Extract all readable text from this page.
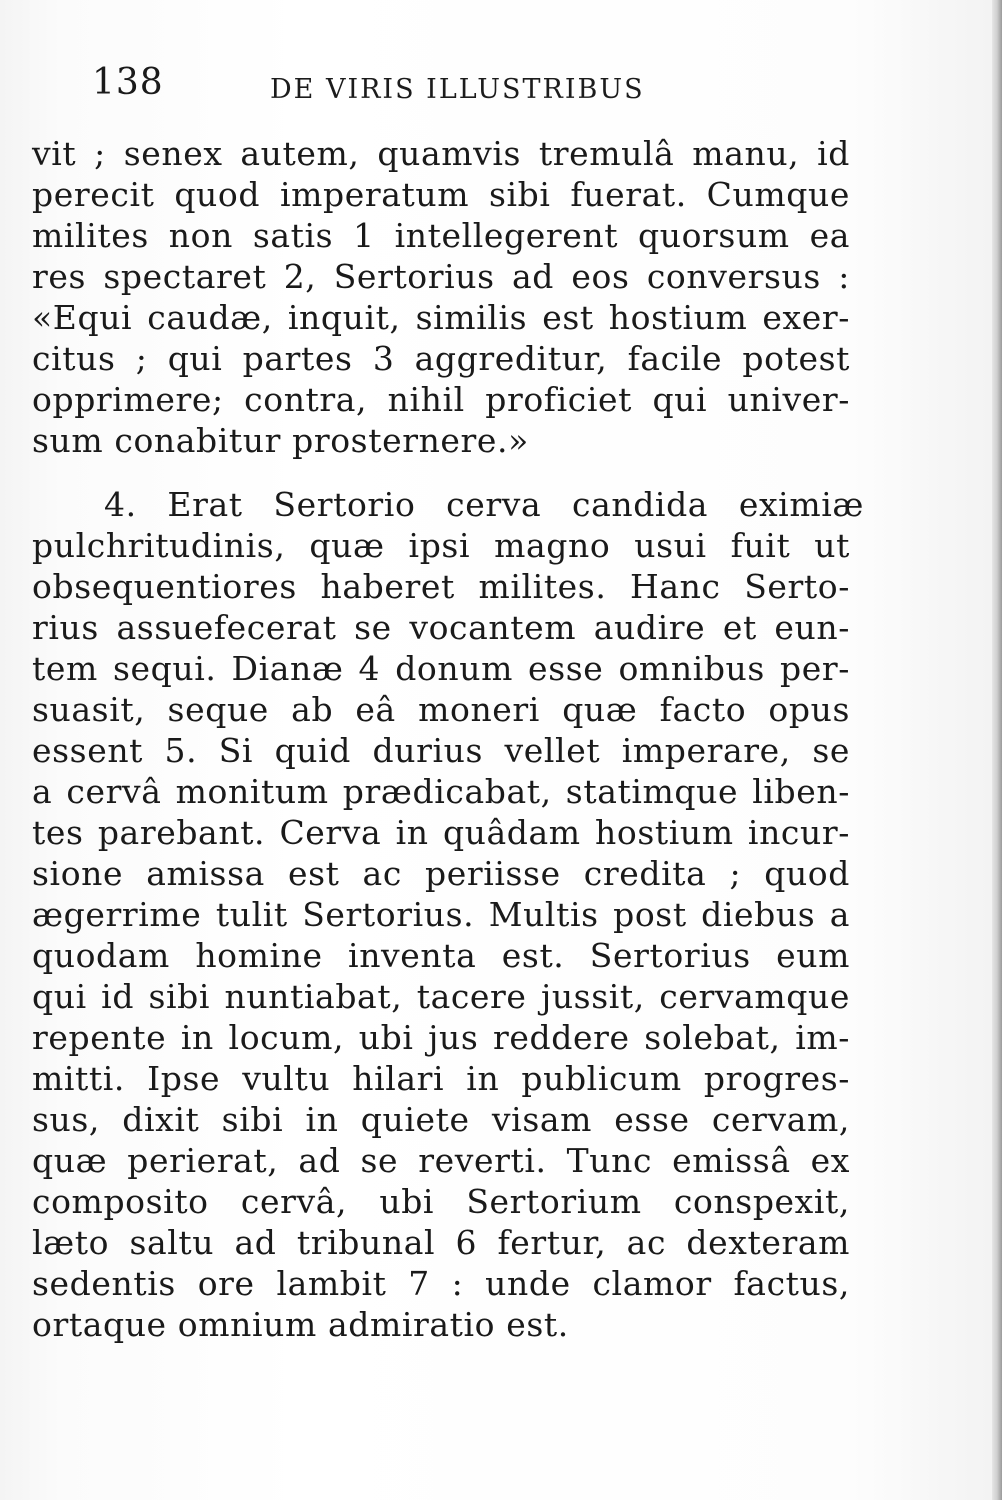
138	DE VIRIS ILLUSTRIBUS
vit ; senex autem, quamvis tremulâ manu, id
perecit quod imperatum sibi fuerat. Cumque
milites non satis 1 intellegerent quorsum ea
res spectaret 2, Sertorius ad eos conversus :
«Equi caudæ, inquit, similis est hostium exer-
citus ; qui partes 3 aggreditur, facile potest
opprimere; contra, nihil proficiet qui univer-
sum conabitur prosternere.»
4. Erat Sertorio cerva candida eximiæ
pulchritudinis, quæ ipsi magno usui fuit ut
obsequentiores haberet milites. Hanc Serto-
rius assuefecerat se vocantem audire et eun-
tem sequi. Dianæ 4 donum esse omnibus per-
suasit, seque ab eâ moneri quæ facto opus
essent 5. Si quid durius vellet imperare, se
a cervâ monitum prædicabat, statimque liben-
tes parebant. Cerva in quâdam hostium incur-
sione amissa est ac periisse credita ; quod
ægerrime tulit Sertorius. Multis post diebus a
quodam homine inventa est. Sertorius eum
qui id sibi nuntiabat, tacere jussit, cervamque
repente in locum, ubi jus reddere solebat, im-
mitti. Ipse vultu hilari in publicum progres-
sus, dixit sibi in quiete visam esse cervam,
quæ perierat, ad se reverti. Tunc emissâ ex
composito cervâ, ubi Sertorium conspexit,
læto saltu ad tribunal 6 fertur, ac dexteram
sedentis ore lambit 7 : unde clamor factus,
ortaque omnium admiratio est.
